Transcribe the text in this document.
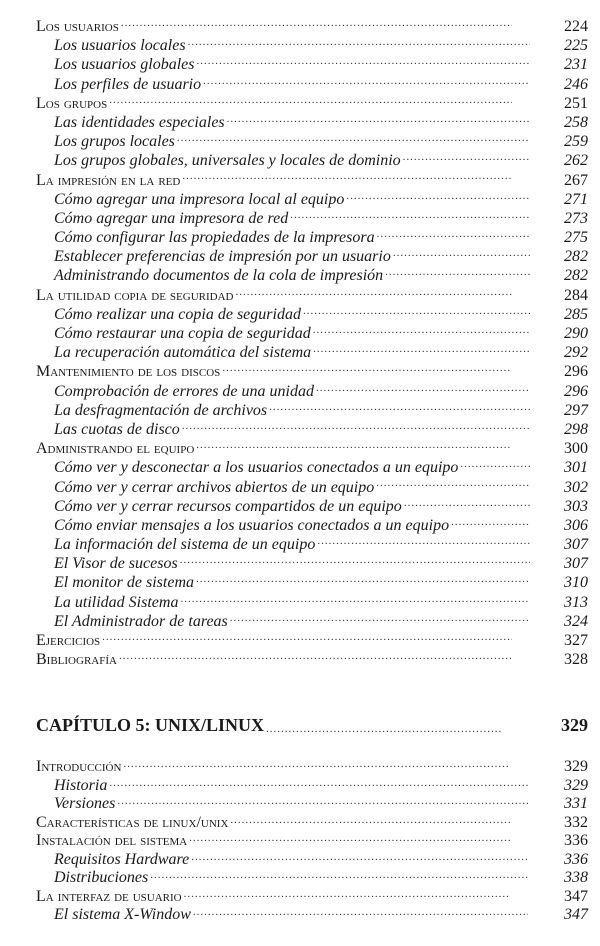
Los usuarios .....	224
Los usuarios locales .....	225
Los usuarios globales .....	231
Los perfiles de usuario .....	246
Los grupos .....	251
Las identidades especiales .....	258
Los grupos locales .....	259
Los grupos globales, universales y locales de dominio .....	262
La impresión en la red .....	267
Cómo agregar una impresora local al equipo .....	271
Cómo agregar una impresora de red .....	273
Cómo configurar las propiedades de la impresora .....	275
Establecer preferencias de impresión por un usuario .....	282
Administrando documentos de la cola de impresión .....	282
La utilidad copia de seguridad .....	284
Cómo realizar una copia de seguridad .....	285
Cómo restaurar una copia de seguridad .....	290
La recuperación automática del sistema .....	292
Mantenimiento de los discos .....	296
Comprobación de errores de una unidad .....	296
La desfragmentación de archivos .....	297
Las cuotas de disco .....	298
Administrando el equipo .....	300
Cómo ver y desconectar a los usuarios conectados a un equipo .....	301
Cómo ver y cerrar archivos abiertos de un equipo .....	302
Cómo ver y cerrar recursos compartidos de un equipo .....	303
Cómo enviar mensajes a los usuarios conectados a un equipo .....	306
La información del sistema de un equipo .....	307
El Visor de sucesos .....	307
El monitor de sistema .....	310
La utilidad Sistema .....	313
El Administrador de tareas .....	324
Ejercicios .....	327
Bibliografía .....	328
CAPÍTULO 5: UNIX/LINUX .....	329
Introducción .....	329
Historia .....	329
Versiones .....	331
Características de linux/unix .....	332
Instalación del sistema .....	336
Requisitos Hardware .....	336
Distribuciones .....	338
La interfaz de usuario .....	347
El sistema X-Window .....	347
